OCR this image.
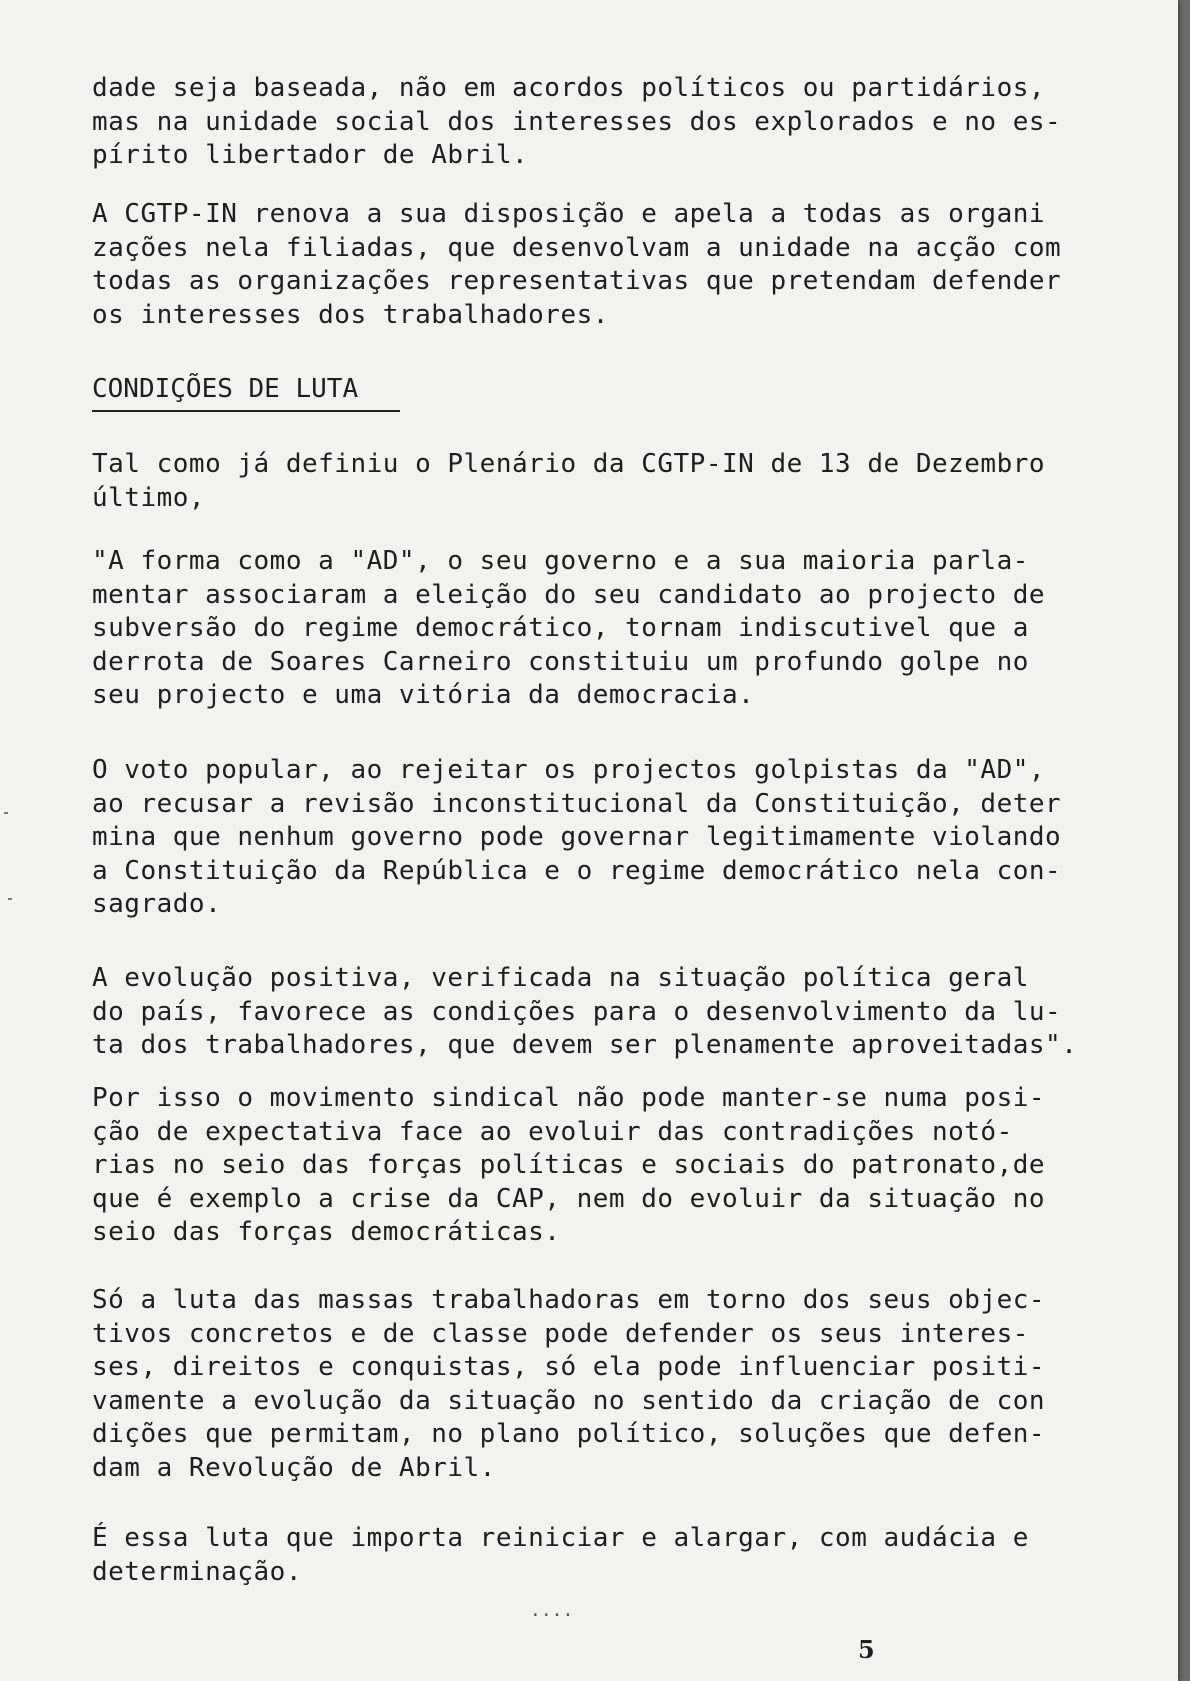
dade seja baseada, não em acordos políticos ou partidários,
mas na unidade social dos interesses dos explorados e no es-
pírito libertador de Abril.

A CGTP-IN renova a sua disposição e apela a todas as organi
zações nela filiadas, que desenvolvam a unidade na acção com
todas as organizações representativas que pretendam defender
os interesses dos trabalhadores.

CONDIÇÕES DE LUTA

Tal como já definiu o Plenário da CGTP-IN de 13 de Dezembro
último,

"A forma como a "AD", o seu governo e a sua maioria parla-
mentar associaram a eleição do seu candidato ao projecto de
subversão do regime democrático, tornam indiscutivel que a
derrota de Soares Carneiro constituiu um profundo golpe no
seu projecto e uma vitória da democracia.

O voto popular, ao rejeitar os projectos golpistas da "AD",
ao recusar a revisão inconstitucional da Constituição, deter
mina que nenhum governo pode governar legitimamente violando
a Constituição da República e o regime democrático nela con-
sagrado.

A evolução positiva, verificada na situação política geral
do país, favorece as condições para o desenvolvimento da lu-
ta dos trabalhadores, que devem ser plenamente aproveitadas".

Por isso o movimento sindical não pode manter-se numa posi-
ção de expectativa face ao evoluir das contradições notó-
rias no seio das forças políticas e sociais do patronato,de
que é exemplo a crise da CAP, nem do evoluir da situação no
seio das forças democráticas.

Só a luta das massas trabalhadoras em torno dos seus objec-
tivos concretos e de classe pode defender os seus interes-
ses, direitos e conquistas, só ela pode influenciar positi-
vamente a evolução da situação no sentido da criação de con
dições que permitam, no plano político, soluções que defen-
dam a Revolução de Abril.

É essa luta que importa reiniciar e alargar, com audácia e
determinação.

....
5
